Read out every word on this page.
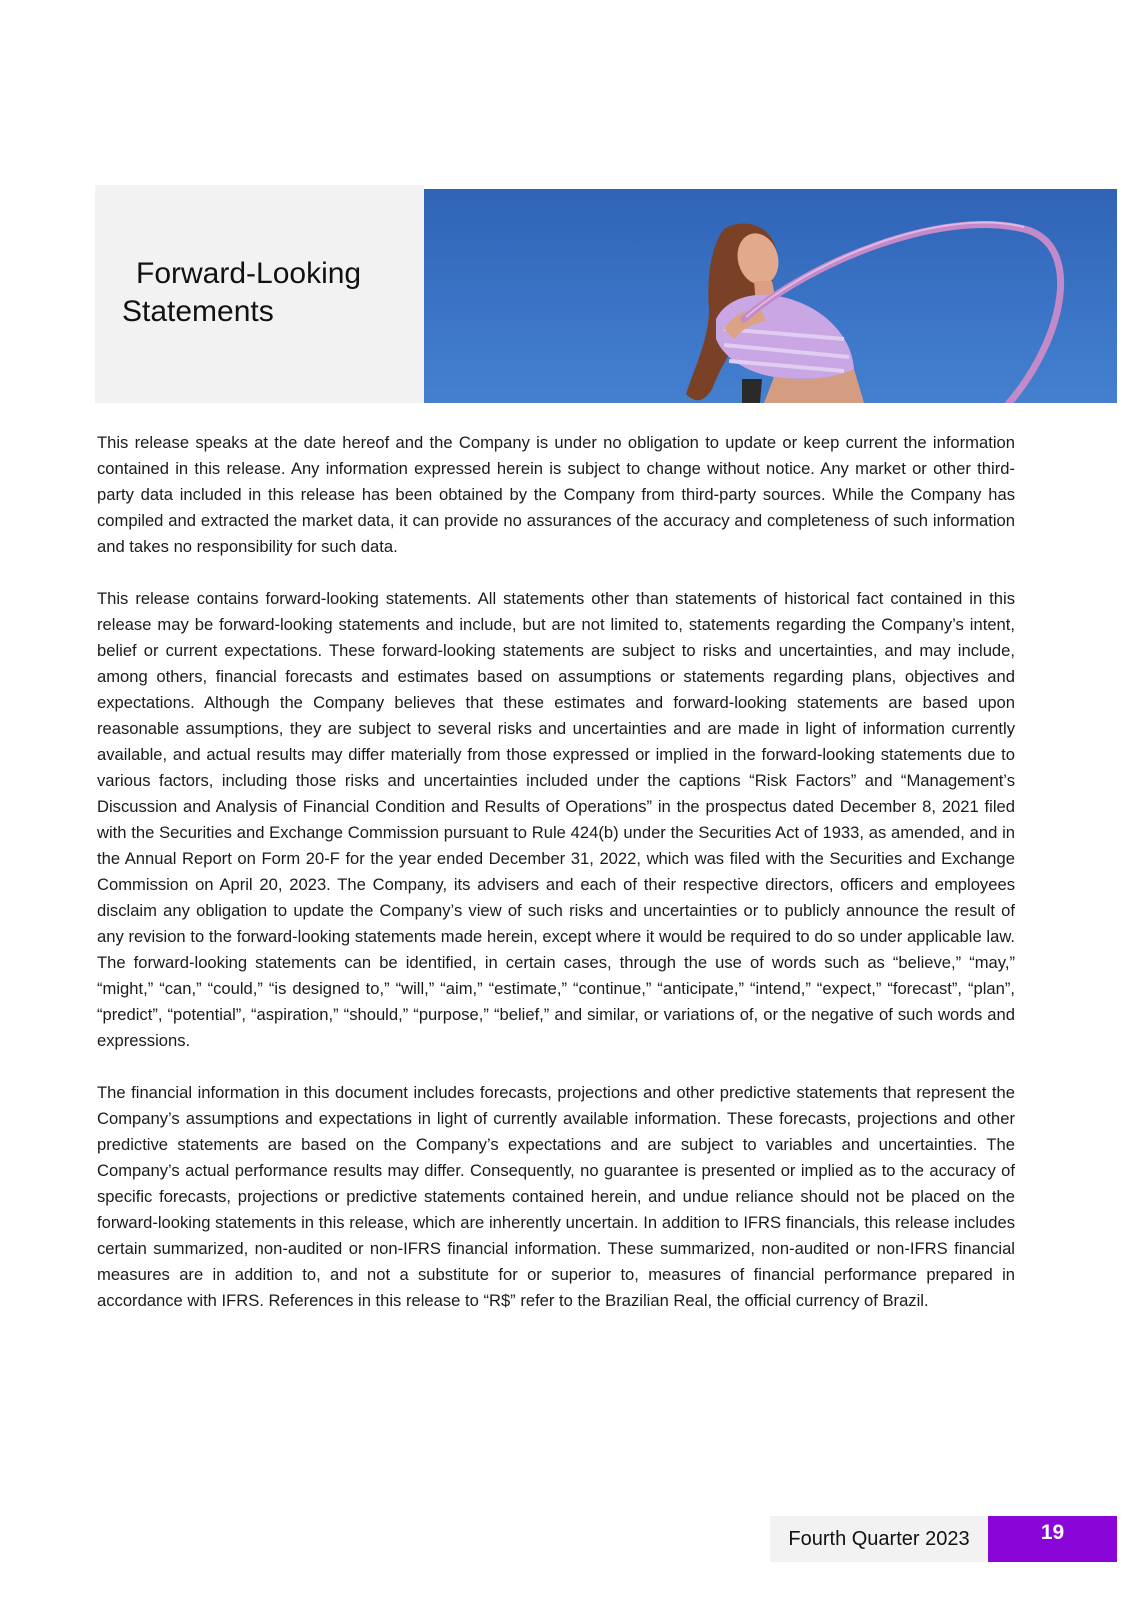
Forward-Looking
Statements

This release speaks at the date hereof and the Company is under no obligation to update or keep current the information contained in this release. Any information expressed herein is subject to change without notice. Any market or other third-party data included in this release has been obtained by the Company from third-party sources. While the Company has compiled and extracted the market data, it can provide no assurances of the accuracy and completeness of such information and takes no responsibility for such data.

This release contains forward-looking statements. All statements other than statements of historical fact contained in this release may be forward-looking statements and include, but are not limited to, statements regarding the Company’s intent, belief or current expectations. These forward-looking statements are subject to risks and uncertainties, and may include, among others, financial forecasts and estimates based on assumptions or statements regarding plans, objectives and expectations. Although the Company believes that these estimates and forward-looking statements are based upon reasonable assumptions, they are subject to several risks and uncertainties and are made in light of information currently available, and actual results may differ materially from those expressed or implied in the forward-looking statements due to various factors, including those risks and uncertainties included under the captions “Risk Factors” and “Management’s Discussion and Analysis of Financial Condition and Results of Operations” in the prospectus dated December 8, 2021 filed with the Securities and Exchange Commission pursuant to Rule 424(b) under the Securities Act of 1933, as amended, and in the Annual Report on Form 20-F for the year ended December 31, 2022, which was filed with the Securities and Exchange Commission on April 20, 2023. The Company, its advisers and each of their respective directors, officers and employees disclaim any obligation to update the Company’s view of such risks and uncertainties or to publicly announce the result of any revision to the forward-looking statements made herein, except where it would be required to do so under applicable law. The forward-looking statements can be identified, in certain cases, through the use of words such as “believe,” “may,” “might,” “can,” “could,” “is designed to,” “will,” “aim,” “estimate,” “continue,” “anticipate,” “intend,” “expect,” “forecast”, “plan”, “predict”, “potential”, “aspiration,” “should,” “purpose,” “belief,” and similar, or variations of, or the negative of such words and expressions.

The financial information in this document includes forecasts, projections and other predictive statements that represent the Company’s assumptions and expectations in light of currently available information. These forecasts, projections and other predictive statements are based on the Company’s expectations and are subject to variables and uncertainties. The Company’s actual performance results may differ. Consequently, no guarantee is presented or implied as to the accuracy of specific forecasts, projections or predictive statements contained herein, and undue reliance should not be placed on the forward-looking statements in this release, which are inherently uncertain. In addition to IFRS financials, this release includes certain summarized, non-audited or non-IFRS financial information. These summarized, non-audited or non-IFRS financial measures are in addition to, and not a substitute for or superior to, measures of financial performance prepared in accordance with IFRS. References in this release to “R$” refer to the Brazilian Real, the official currency of Brazil.

Fourth Quarter 2023	19
